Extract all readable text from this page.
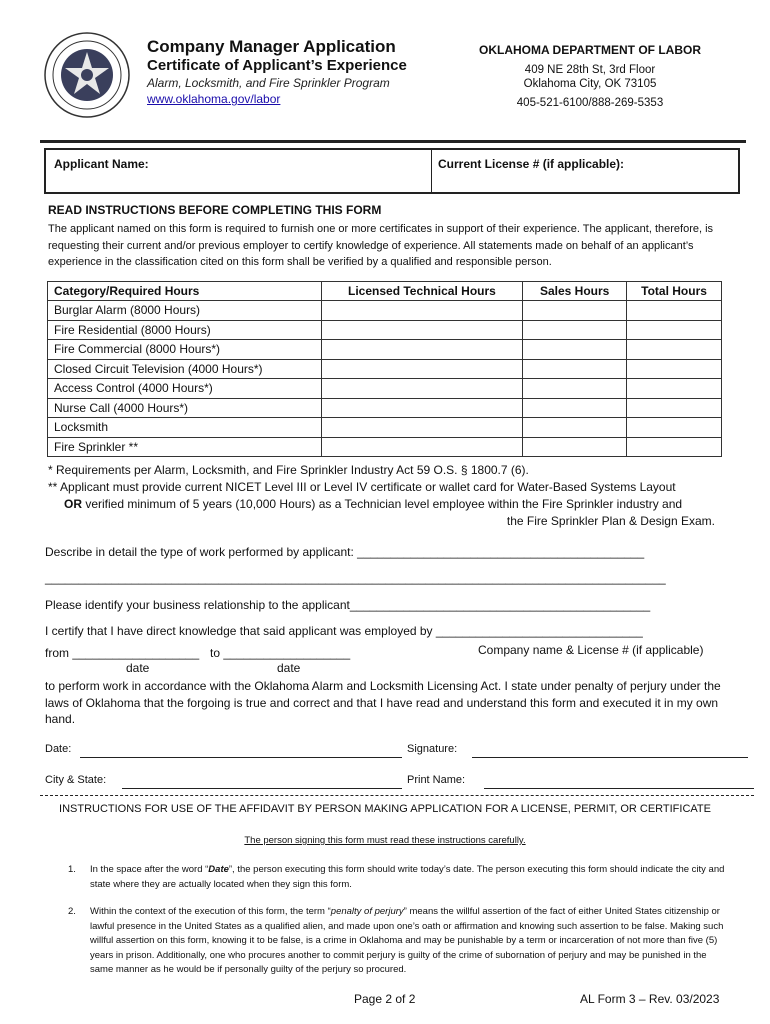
Company Manager Application
Certificate of Applicant’s Experience
Alarm, Locksmith, and Fire Sprinkler Program
www.oklahoma.gov/labor
OKLAHOMA DEPARTMENT OF LABOR
409 NE 28th St, 3rd Floor
Oklahoma City, OK 73105
405-521-6100/888-269-5353
Applicant Name:	Current License # (if applicable):
READ INSTRUCTIONS BEFORE COMPLETING THIS FORM
The applicant named on this form is required to furnish one or more certificates in support of their experience. The applicant, therefore, is requesting their current and/or previous employer to certify knowledge of experience. All statements made on behalf of an applicant’s experience in the classification cited on this form shall be verified by a qualified and responsible person.
Category/Required Hours	Licensed Technical Hours	Sales Hours	Total Hours
Burglar Alarm (8000 Hours)			
Fire Residential (8000 Hours)			
Fire Commercial (8000 Hours*)			
Closed Circuit Television (4000 Hours*)			
Access Control (4000 Hours*)			
Nurse Call (4000 Hours*)			
Locksmith			
Fire Sprinkler **			
* Requirements per Alarm, Locksmith, and Fire Sprinkler Industry Act 59 O.S. § 1800.7 (6).
** Applicant must provide current NICET Level III or Level IV certificate or wallet card for Water-Based Systems Layout
OR verified minimum of 5 years (10,000 Hours) as a Technician level employee within the Fire Sprinkler industry and
the Fire Sprinkler Plan & Design Exam.
Describe in detail the type of work performed by applicant: ___________________________________________
_____________________________________________________________________________________________
Please identify your business relationship to the applicant_____________________________________________
I certify that I have direct knowledge that said applicant was employed by _______________________________
from ___________________ to ___________________	Company name & License # (if applicable)
date	date
to perform work in accordance with the Oklahoma Alarm and Locksmith Licensing Act. I state under penalty of perjury under the laws of Oklahoma that the forgoing is true and correct and that I have read and understand this form and executed it in my own hand.
Date:	Signature:
City & State:	Print Name:
INSTRUCTIONS FOR USE OF THE AFFIDAVIT BY PERSON MAKING APPLICATION FOR A LICENSE, PERMIT, OR CERTIFICATE
The person signing this form must read these instructions carefully.
1. In the space after the word “Date”, the person executing this form should write today’s date. The person executing this form should indicate the city and state where they are actually located when they sign this form.
2. Within the context of the execution of this form, the term “penalty of perjury” means the willful assertion of the fact of either United States citizenship or lawful presence in the United States as a qualified alien, and made upon one’s oath or affirmation and knowing such assertion to be false. Making such willful assertion on this form, knowing it to be false, is a crime in Oklahoma and may be punishable by a term or incarceration of not more than five (5) years in prison. Additionally, one who procures another to commit perjury is guilty of the crime of subornation of perjury and may be punished in the same manner as he would be if personally guilty of the perjury so procured.
Page 2 of 2	AL Form 3 – Rev. 03/2023
